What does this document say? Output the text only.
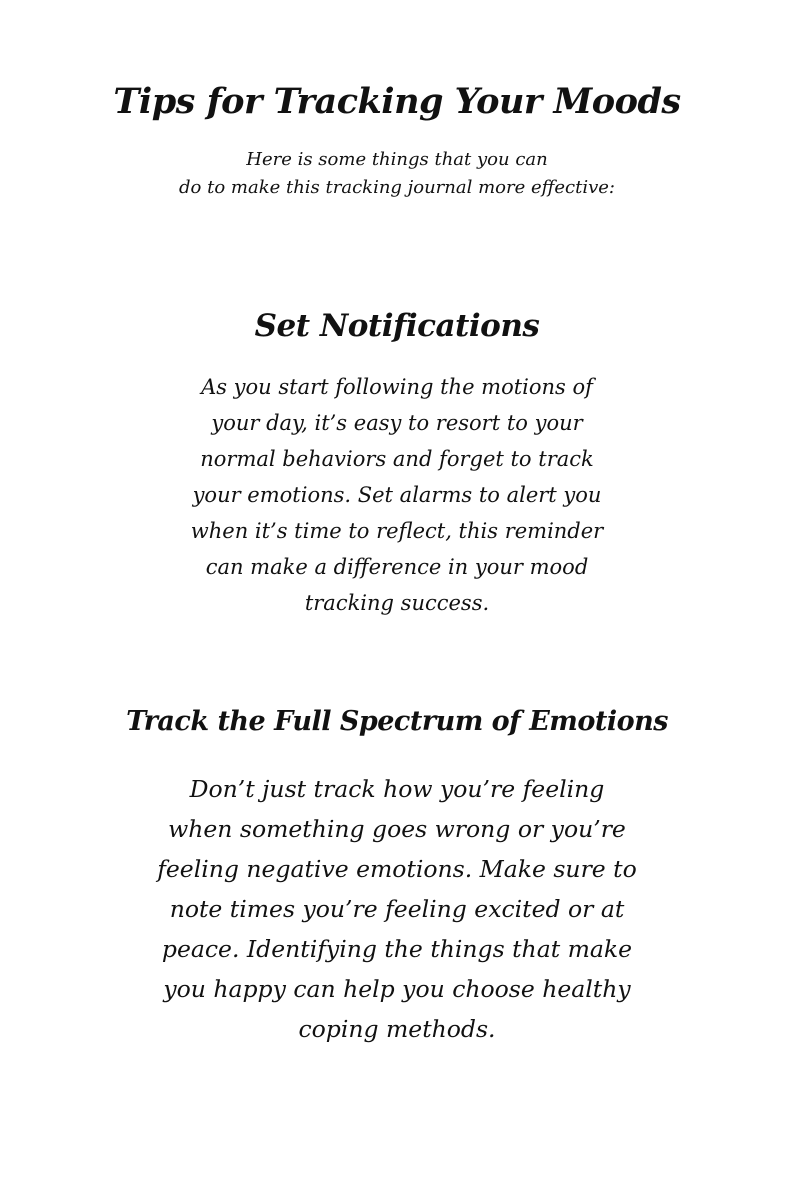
Tips for Tracking Your Moods

Here is some things that you can
do to make this tracking journal more effective:

Set Notifications

As you start following the motions of
your day, it’s easy to resort to your
normal behaviors and forget to track
your emotions. Set alarms to alert you
when it’s time to reflect, this reminder
can make a difference in your mood
tracking success.

Track the Full Spectrum of Emotions

Don’t just track how you’re feeling
when something goes wrong or you’re
feeling negative emotions. Make sure to
note times you’re feeling excited or at
peace. Identifying the things that make
you happy can help you choose healthy
coping methods.
